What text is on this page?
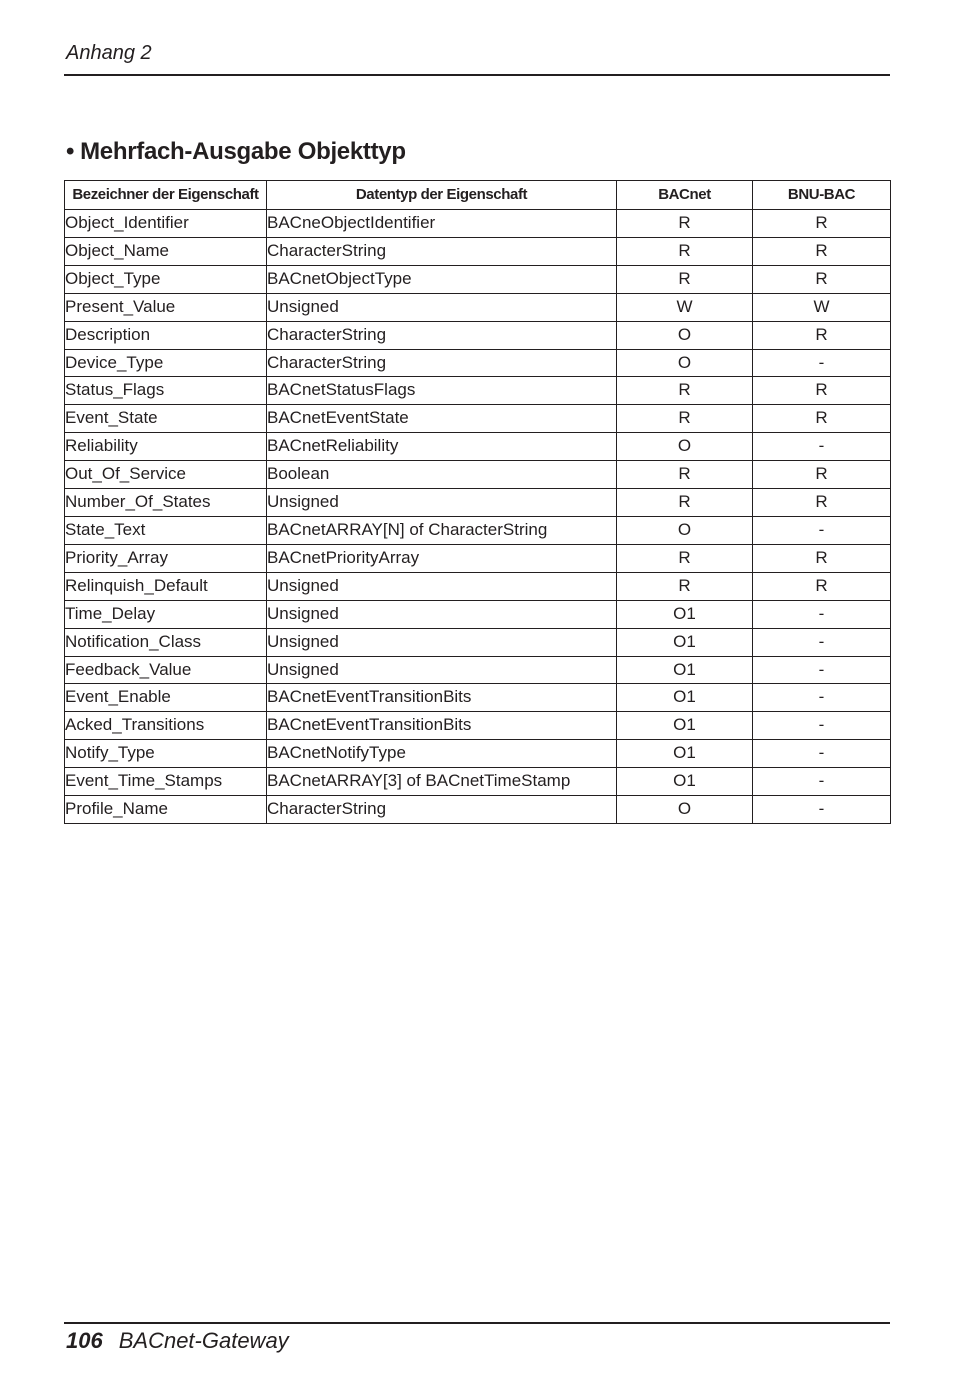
Anhang 2
• Mehrfach-Ausgabe Objekttyp
Bezeichner der Eigenschaft	Datentyp der Eigenschaft	BACnet	BNU-BAC
Object_Identifier	BACneObjectIdentifier	R	R
Object_Name	CharacterString	R	R
Object_Type	BACnetObjectType	R	R
Present_Value	Unsigned	W	W
Description	CharacterString	O	R
Device_Type	CharacterString	O	-
Status_Flags	BACnetStatusFlags	R	R
Event_State	BACnetEventState	R	R
Reliability	BACnetReliability	O	-
Out_Of_Service	Boolean	R	R
Number_Of_States	Unsigned	R	R
State_Text	BACnetARRAY[N] of CharacterString	O	-
Priority_Array	BACnetPriorityArray	R	R
Relinquish_Default	Unsigned	R	R
Time_Delay	Unsigned	O1	-
Notification_Class	Unsigned	O1	-
Feedback_Value	Unsigned	O1	-
Event_Enable	BACnetEventTransitionBits	O1	-
Acked_Transitions	BACnetEventTransitionBits	O1	-
Notify_Type	BACnetNotifyType	O1	-
Event_Time_Stamps	BACnetARRAY[3] of BACnetTimeStamp	O1	-
Profile_Name	CharacterString	O	-
106 BACnet-Gateway
